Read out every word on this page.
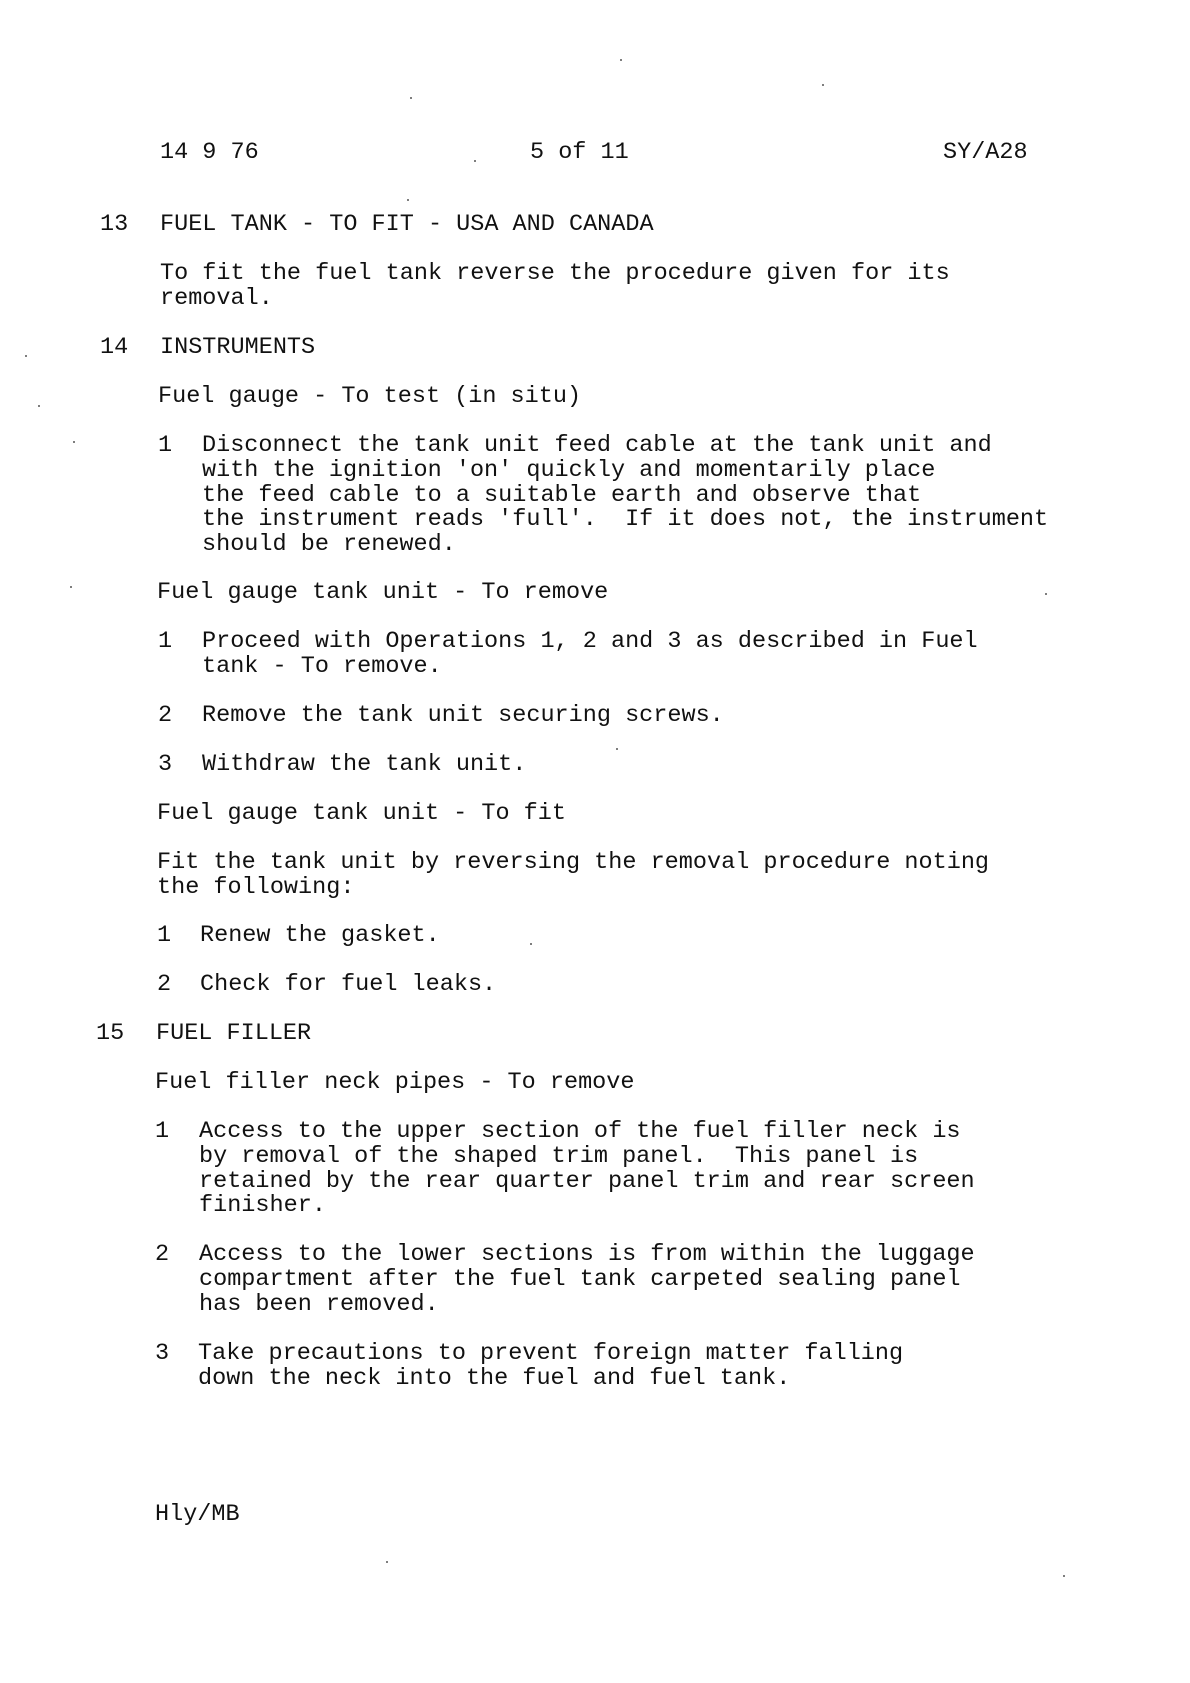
14 9 76	5 of 11	SY/A28
13 FUEL TANK - TO FIT - USA AND CANADA
To fit the fuel tank reverse the procedure given for its
removal.
14 INSTRUMENTS
Fuel gauge - To test (in situ)
1 Disconnect the tank unit feed cable at the tank unit and
with the ignition 'on' quickly and momentarily place
the feed cable to a suitable earth and observe that
the instrument reads 'full'.  If it does not, the instrument
should be renewed.
Fuel gauge tank unit - To remove
1 Proceed with Operations 1, 2 and 3 as described in Fuel
tank - To remove.
2 Remove the tank unit securing screws.
3 Withdraw the tank unit.
Fuel gauge tank unit - To fit
Fit the tank unit by reversing the removal procedure noting
the following:
1 Renew the gasket.
2 Check for fuel leaks.
15 FUEL FILLER
Fuel filler neck pipes - To remove
1 Access to the upper section of the fuel filler neck is
by removal of the shaped trim panel.  This panel is
retained by the rear quarter panel trim and rear screen
finisher.
2 Access to the lower sections is from within the luggage
compartment after the fuel tank carpeted sealing panel
has been removed.
3 Take precautions to prevent foreign matter falling
down the neck into the fuel and fuel tank.
Hly/MB
